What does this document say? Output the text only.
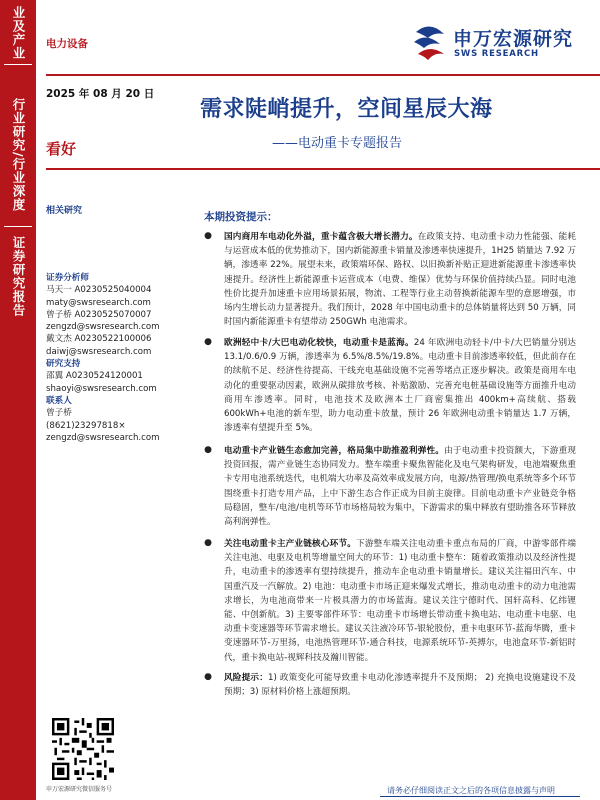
业及产业
行业研究/行业深度
证券研究报告
电力设备	申万宏源研究
SWS RESEARCH
2025 年 08 月 20 日
需求陡峭提升，空间星辰大海
——电动重卡专题报告
看好
相关研究
证券分析师
马天一 A0230525040004
maty@swsresearch.com
曾子桥 A0230525070007
zengzd@swsresearch.com
戴文杰 A0230522100006
daiwj@swsresearch.com
研究支持
邵翼 A0230524120001
shaoyi@swsresearch.com
联系人
曾子桥
(8621)23297818×
zengzd@swsresearch.com
申万宏源研究微信服务号
本期投资提示：
● 国内商用车电动化外溢，重卡蕴含极大增长潜力。在政策支持、电动重卡动力性能强、能耗与运营成本低的优势推动下，国内新能源重卡销量及渗透率快速提升，1H25 销量达 7.92 万辆，渗透率 22%。展望未来，政策端环保、路权、以旧换新补贴正迎进新能源重卡渗透率快速提升。经济性上新能源重卡运营成本（电费、维保）优势与环保价值持续凸显。同时电池性价比提升加速重卡应用场景拓展，物流、工程等行业主动替换新能源车型的意愿增强，市场内生增长动力显著提升。我们预计，2028 年中国电动重卡的总体销量将达到 50 万辆，同时国内新能源重卡有望带动 250GWh 电池需求。
● 欧洲轻中卡/大巴电动化较快，电动重卡是蓝海。24 年欧洲电动轻卡/中卡/大巴销量分别达 13.1/0.6/0.9 万辆，渗透率为 6.5%/8.5%/19.8%。电动重卡目前渗透率较低，但此前存在的续航不足、经济性待提高、干线充电基础设施不完善等堵点正逐步解决。政策是商用车电动化的重要驱动因素，欧洲从碳排放考核、补贴激励、完善充电桩基础设施等方面推升电动商用车渗透率。同时，电池技术及欧洲本土厂商密集推出 400km+高续航、搭载 600kWh+电池的新车型，助力电动重卡放量，预计 26 年欧洲电动重卡销量达 1.7 万辆，渗透率有望提升至 5%。
● 电动重卡产业链生态愈加完善，格局集中助推盈利弹性。由于电动重卡投资额大，下游重现投资回报，需产业链生态协同发力。整车端重卡聚焦智能化及电气架构研发，电池端聚焦重卡专用电池系统迭代，电机端大功率及高效率成发展方向，电源/热管理/换电系统等多个环节围绕重卡打造专用产品，上中下游生态合作正成为目前主旋律。目前电动重卡产业链竞争格局稳固，整车/电池/电机等环节市场格局较为集中，下游需求的集中释放有望助推各环节释放高利润弹性。
● 关注电动重卡主产业链核心环节。下游整车端关注电动重卡重点布局的厂商，中游零部件端关注电池、电驱及电机等增量空间大的环节：1) 电动重卡整车：随着政策推动以及经济性提升，电动重卡的渗透率有望持续提升，推动车企电动重卡销量增长。建议关注福田汽车、中国重汽及一汽解放。2) 电池：电动重卡市场正迎来爆发式增长，推动电动重卡的动力电池需求增长，为电池商带来一片极具潜力的市场蓝海。建议关注宁德时代、国轩高科、亿纬锂能、中创新航。3) 主要零部件环节：电动重卡市场增长带动重卡换电站、电动重卡电驱、电动重卡变速器等环节需求增长。建议关注液冷环节-银轮股份，重卡电驱环节-蓝海华腾，重卡变速器环节-万里扬，电池热管理环节-通合科技，电源系统环节-英搏尔，电池盒环节-新铝时代，重卡换电站-视辉科技及瀚川智能。
● 风险提示：1) 政策变化可能导致重卡电动化渗透率提升不及预期； 2) 充换电设施建设不及预期；3) 原材料价格上涨超预期。
请务必仔细阅读正文之后的各项信息披露与声明
